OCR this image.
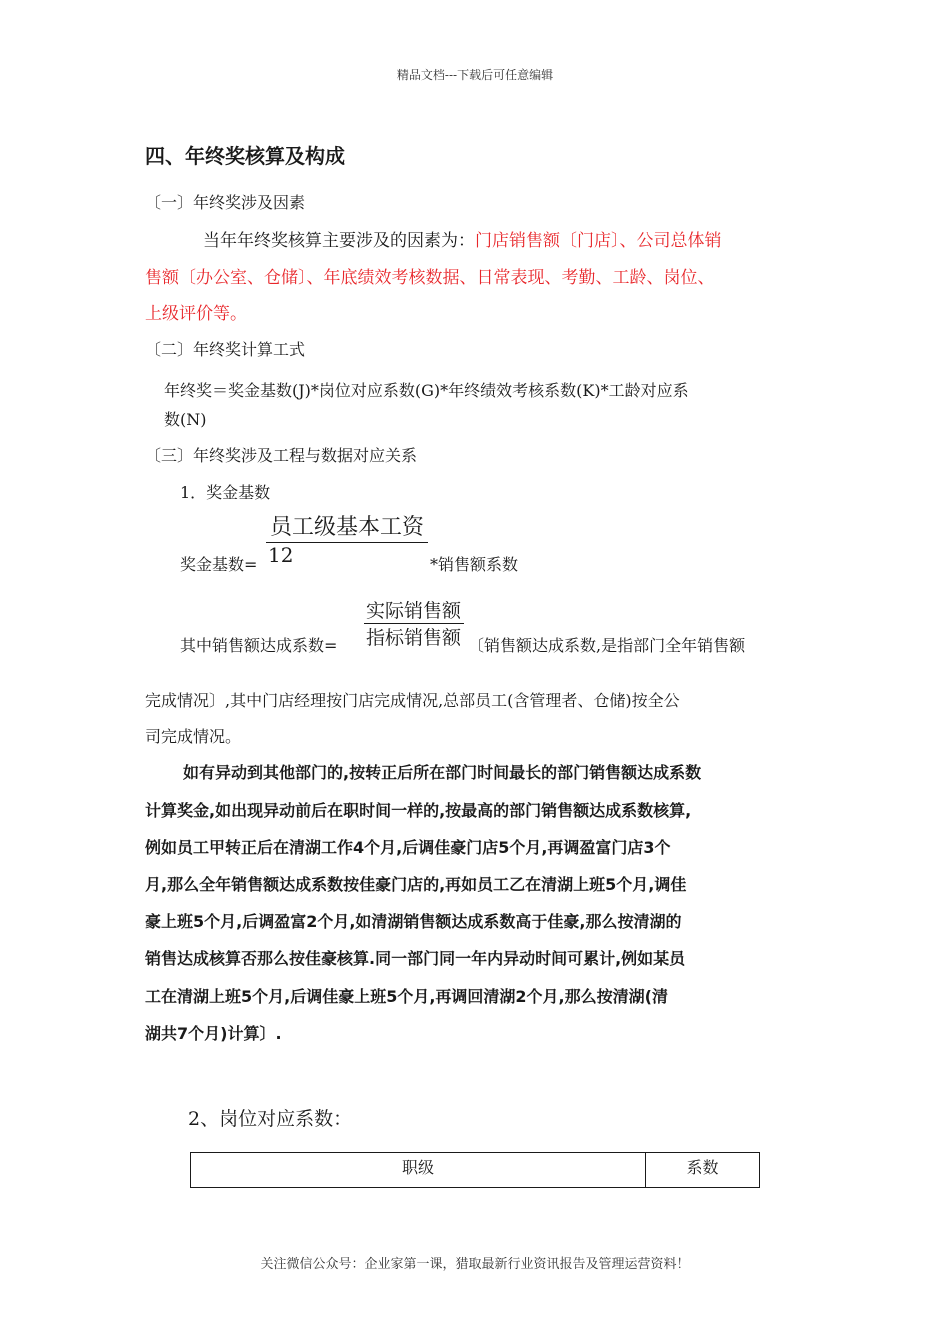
精品文档---下载后可任意编辑
四、年终奖核算及构成
〔一〕年终奖涉及因素
当年年终奖核算主要涉及的因素为：门店销售额〔门店〕、公司总体销
售额〔办公室、仓储〕、年底绩效考核数据、日常表现、考勤、工龄、岗位、
上级评价等。
〔二〕年终奖计算工式
年终奖＝奖金基数(J)*岗位对应系数(G)*年终绩效考核系数(K)*工龄对应系
数(N)
〔三〕年终奖涉及工程与数据对应关系
1．奖金基数
员工级基本工资
奖金基数= 12	*销售额系数
实际销售额
其中销售额达成系数= 指标销售额 〔销售额达成系数,是指部门全年销售额
完成情况〕,其中门店经理按门店完成情况,总部员工(含管理者、仓储)按全公
司完成情况。
如有异动到其他部门的,按转正后所在部门时间最长的部门销售额达成系数
计算奖金,如出现异动前后在职时间一样的,按最高的部门销售额达成系数核算,
例如员工甲转正后在清湖工作4个月,后调佳豪门店5个月,再调盈富门店3个
月,那么全年销售额达成系数按佳豪门店的,再如员工乙在清湖上班5个月,调佳
豪上班5个月,后调盈富2个月,如清湖销售额达成系数高于佳豪,那么按清湖的
销售达成核算否那么按佳豪核算.同一部门同一年内异动时间可累计,例如某员
工在清湖上班5个月,后调佳豪上班5个月,再调回清湖2个月,那么按清湖(清
湖共7个月)计算〕.
2、岗位对应系数：
职级	系数
关注微信公众号：企业家第一课，猎取最新行业资讯报告及管理运营资料！
